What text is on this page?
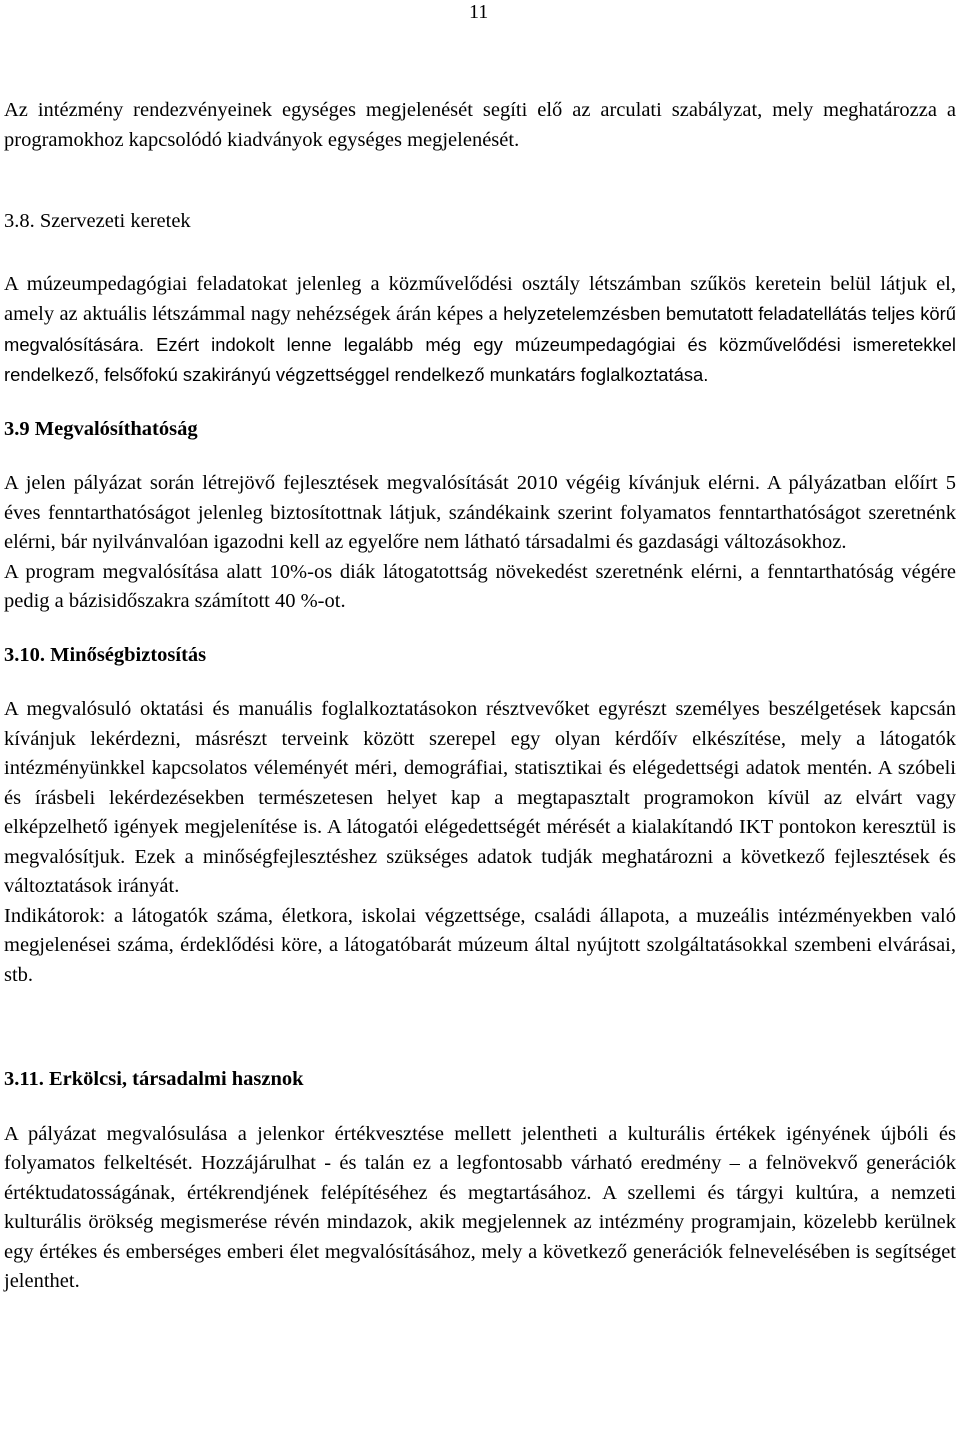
11

Az intézmény rendezvényeinek egységes megjelenését segíti elő az arculati szabályzat, mely meghatározza a programokhoz kapcsolódó kiadványok egységes megjelenését.

3.8. Szervezeti keretek

A múzeumpedagógiai feladatokat jelenleg a közművelődési osztály létszámban szűkös keretein belül látjuk el, amely az aktuális létszámmal nagy nehézségek árán képes a helyzetelemzésben bemutatott feladatellátás teljes körű megvalósítására. Ezért indokolt lenne legalább még egy múzeumpedagógiai és közművelődési ismeretekkel rendelkező, felsőfokú szakirányú végzettséggel rendelkező munkatárs foglalkoztatása.

3.9 Megvalósíthatóság

A jelen pályázat során létrejövő fejlesztések megvalósítását 2010 végéig kívánjuk elérni. A pályázatban előírt 5 éves fenntarthatóságot jelenleg biztosítottnak látjuk, szándékaink szerint folyamatos fenntarthatóságot szeretnénk elérni, bár nyilvánvalóan igazodni kell az egyelőre nem látható társadalmi és gazdasági változásokhoz.

A program megvalósítása alatt 10%-os diák látogatottság növekedést szeretnénk elérni, a fenntarthatóság végére pedig a bázisidőszakra számított 40 %-ot.

3.10. Minőségbiztosítás

A megvalósuló oktatási és manuális foglalkoztatásokon résztvevőket egyrészt személyes beszélgetések kapcsán kívánjuk lekérdezni, másrészt terveink között szerepel egy olyan kérdőív elkészítése, mely a látogatók intézményünkkel kapcsolatos véleményét méri, demográfiai, statisztikai és elégedettségi adatok mentén. A szóbeli és írásbeli lekérdezésekben természetesen helyet kap a megtapasztalt programokon kívül az elvárt vagy elképzelhető igények megjelenítése is. A látogatói elégedettségét mérését a kialakítandó IKT pontokon keresztül is megvalósítjuk. Ezek a minőségfejlesztéshez szükséges adatok tudják meghatározni a következő fejlesztések és változtatások irányát.

Indikátorok: a látogatók száma, életkora, iskolai végzettsége, családi állapota, a muzeális intézményekben való megjelenései száma, érdeklődési köre, a látogatóbarát múzeum által nyújtott szolgáltatásokkal szembeni elvárásai, stb.

3.11. Erkölcsi, társadalmi hasznok

A pályázat megvalósulása a jelenkor értékvesztése mellett jelentheti a kulturális értékek igényének újbóli és folyamatos felkeltését. Hozzájárulhat - és talán ez a legfontosabb várható eredmény – a felnövekvő generációk értéktudatosságának, értékrendjének felépítéséhez és megtartásához. A szellemi és tárgyi kultúra, a nemzeti kulturális örökség megismerése révén mindazok, akik megjelennek az intézmény programjain, közelebb kerülnek egy értékes és emberséges emberi élet megvalósításához, mely a következő generációk felnevelésében is segítséget jelenthet.
